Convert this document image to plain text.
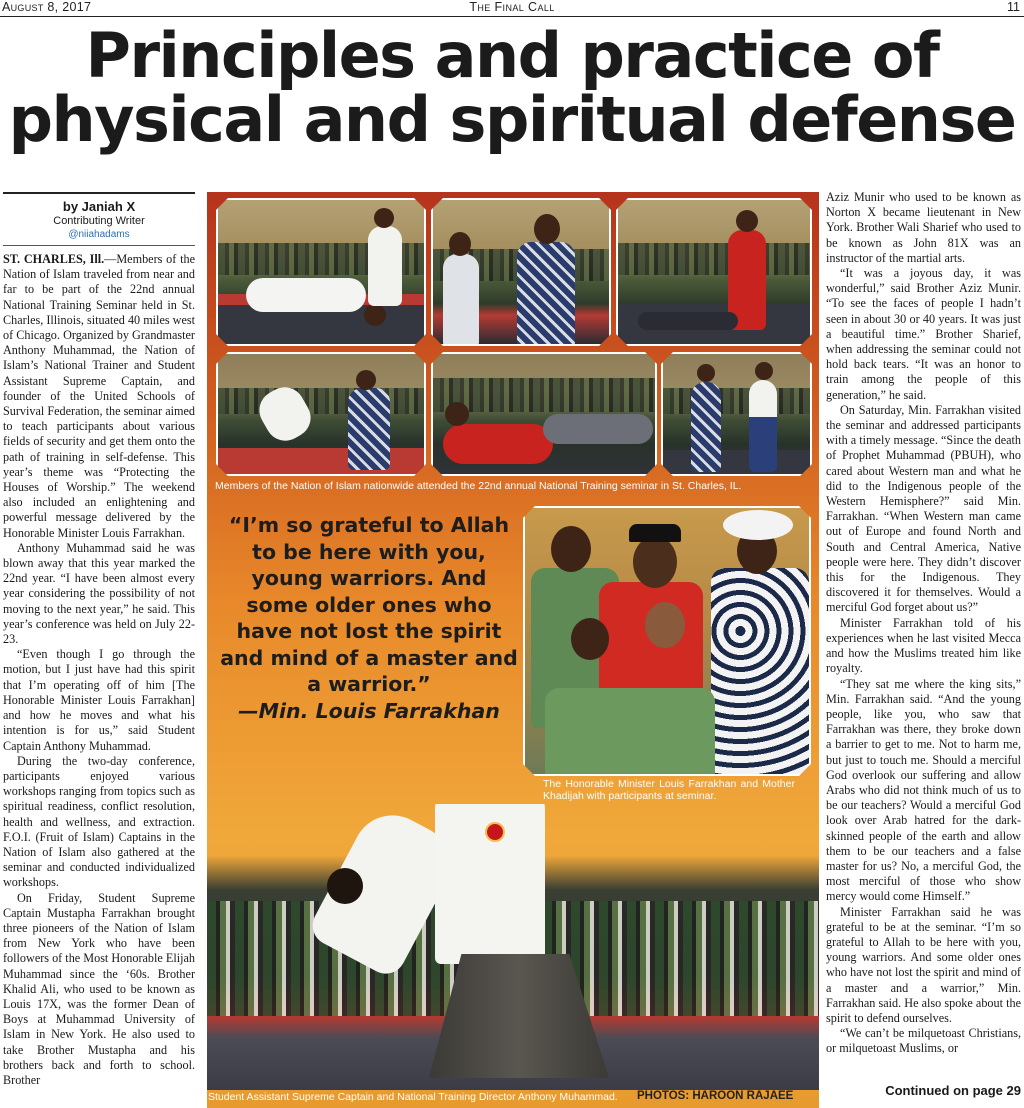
August 8, 2017	The Final Call	11
Principles and practice of
physical and spiritual defense
by Janiah X
Contributing Writer
@niiahadams

ST. CHARLES, Ill.—Members of the Nation of Islam traveled from near and far to be part of the 22nd annual National Training Seminar held in St. Charles, Illinois, situated 40 miles west of Chicago. Organized by Grandmaster Anthony Muhammad, the Nation of Islam’s National Trainer and Student Assistant Supreme Captain, and founder of the United Schools of Survival Federation, the seminar aimed to teach participants about various fields of security and get them onto the path of training in self-defense. This year’s theme was “Protecting the Houses of Worship.” The weekend also included an enlightening and powerful message delivered by the Honorable Minister Louis Farrakhan.

Anthony Muhammad said he was blown away that this year marked the 22nd year. “I have been almost every year considering the possibility of not moving to the next year,” he said. This year’s conference was held on July 22-23.

“Even though I go through the motion, but I just have had this spirit that I’m operating off of him [The Honorable Minister Louis Farrakhan] and how he moves and what his intention is for us,” said Student Captain Anthony Muhammad.

During the two-day conference, participants enjoyed various workshops ranging from topics such as spiritual readiness, conflict resolution, health and wellness, and extraction. F.O.I. (Fruit of Islam) Captains in the Nation of Islam also gathered at the seminar and conducted individualized workshops.

On Friday, Student Supreme Captain Mustapha Farrakhan brought three pioneers of the Nation of Islam from New York who have been followers of the Most Honorable Elijah Muhammad since the ‘60s. Brother Khalid Ali, who used to be known as Louis 17X, was the former Dean of Boys at Muhammad University of Islam in New York. He also used to take Brother Mustapha and his brothers back and forth to school. Brother

Members of the Nation of Islam nationwide attended the 22nd annual National Training seminar in St. Charles, IL.
“I’m so grateful to Allah to be here with you, young warriors. And some older ones who have not lost the spirit and mind of a master and a warrior.”
—Min. Louis Farrakhan
The Honorable Minister Louis Farrakhan and Mother Khadijah with participants at seminar.
Student Assistant Supreme Captain and National Training Director Anthony Muhammad.	PHOTOS: HAROON RAJAEE

Aziz Munir who used to be known as Norton X became lieutenant in New York. Brother Wali Sharief who used to be known as John 81X was an instructor of the martial arts.

“It was a joyous day, it was wonderful,” said Brother Aziz Munir. “To see the faces of people I hadn’t seen in about 30 or 40 years. It was just a beautiful time.” Brother Sharief, when addressing the seminar could not hold back tears. “It was an honor to train among the people of this generation,” he said.

On Saturday, Min. Farrakhan visited the seminar and addressed participants with a timely message. “Since the death of Prophet Muhammad (PBUH), who cared about Western man and what he did to the Indigenous people of the Western Hemisphere?” said Min. Farrakhan. “When Western man came out of Europe and found North and South and Central America, Native people were here. They didn’t discover this for the Indigenous. They discovered it for themselves. Would a merciful God forget about us?”

Minister Farrakhan told of his experiences when he last visited Mecca and how the Muslims treated him like royalty.

“They sat me where the king sits,” Min. Farrakhan said. “And the young people, like you, who saw that Farrakhan was there, they broke down a barrier to get to me. Not to harm me, but just to touch me. Should a merciful God overlook our suffering and allow Arabs who did not think much of us to be our teachers? Would a merciful God look over Arab hatred for the dark-skinned people of the earth and allow them to be our teachers and a false master for us? No, a merciful God, the most merciful of those who show mercy would come Himself.”

Minister Farrakhan said he was grateful to be at the seminar. “I’m so grateful to Allah to be here with you, young warriors. And some older ones who have not lost the spirit and mind of a master and a warrior,” Min. Farrakhan said. He also spoke about the spirit to defend ourselves.

“We can’t be milquetoast Christians, or milquetoast Muslims, or

Continued on page 29
